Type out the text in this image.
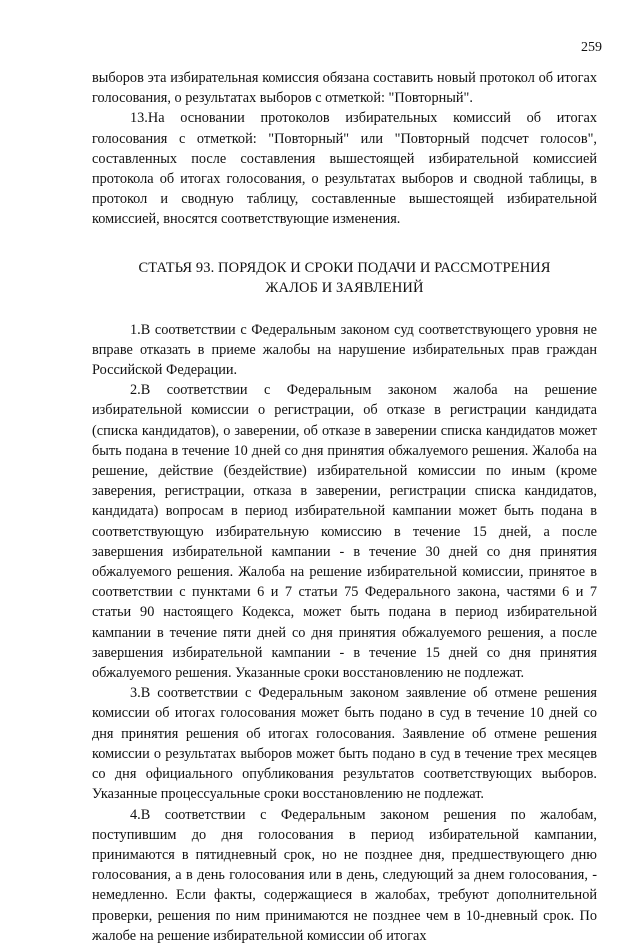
259

выборов эта избирательная комиссия обязана составить новый протокол об итогах голосования, о результатах выборов с отметкой: "Повторный".

13.На основании протоколов избирательных комиссий об итогах голосования с отметкой: "Повторный" или "Повторный подсчет голосов", составленных после составления вышестоящей избирательной комиссией протокола об итогах голосования, о результатах выборов и сводной таблицы, в протокол и сводную таблицу, составленные вышестоящей избирательной комиссией, вносятся соответствующие изменения.

СТАТЬЯ 93. ПОРЯДОК И СРОКИ ПОДАЧИ И РАССМОТРЕНИЯ
ЖАЛОБ И ЗАЯВЛЕНИЙ

1.В соответствии с Федеральным законом суд соответствующего уровня не вправе отказать в приеме жалобы на нарушение избирательных прав граждан Российской Федерации.

2.В соответствии с Федеральным законом жалоба на решение избирательной комиссии о регистрации, об отказе в регистрации кандидата (списка кандидатов), о заверении, об отказе в заверении списка кандидатов может быть подана в течение 10 дней со дня принятия обжалуемого решения. Жалоба на решение, действие (бездействие) избирательной комиссии по иным (кроме заверения, регистрации, отказа в заверении, регистрации списка кандидатов, кандидата) вопросам в период избирательной кампании может быть подана в соответствующую избирательную комиссию в течение 15 дней, а после завершения избирательной кампании - в течение 30 дней со дня принятия обжалуемого решения. Жалоба на решение избирательной комиссии, принятое в соответствии с пунктами 6 и 7 статьи 75 Федерального закона, частями 6 и 7 статьи 90 настоящего Кодекса, может быть подана в период избирательной кампании в течение пяти дней со дня принятия обжалуемого решения, а после завершения избирательной кампании - в течение 15 дней со дня принятия обжалуемого решения. Указанные сроки восстановлению не подлежат.

3.В соответствии с Федеральным законом заявление об отмене решения комиссии об итогах голосования может быть подано в суд в течение 10 дней со дня принятия решения об итогах голосования. Заявление об отмене решения комиссии о результатах выборов может быть подано в суд в течение трех месяцев со дня официального опубликования результатов соответствующих выборов. Указанные процессуальные сроки восстановлению не подлежат.

4.В соответствии с Федеральным законом решения по жалобам, поступившим до дня голосования в период избирательной кампании, принимаются в пятидневный срок, но не позднее дня, предшествующего дню голосования, а в день голосования или в день, следующий за днем голосования, - немедленно. Если факты, содержащиеся в жалобах, требуют дополнительной проверки, решения по ним принимаются не позднее чем в 10-дневный срок. По жалобе на решение избирательной комиссии об итогах
